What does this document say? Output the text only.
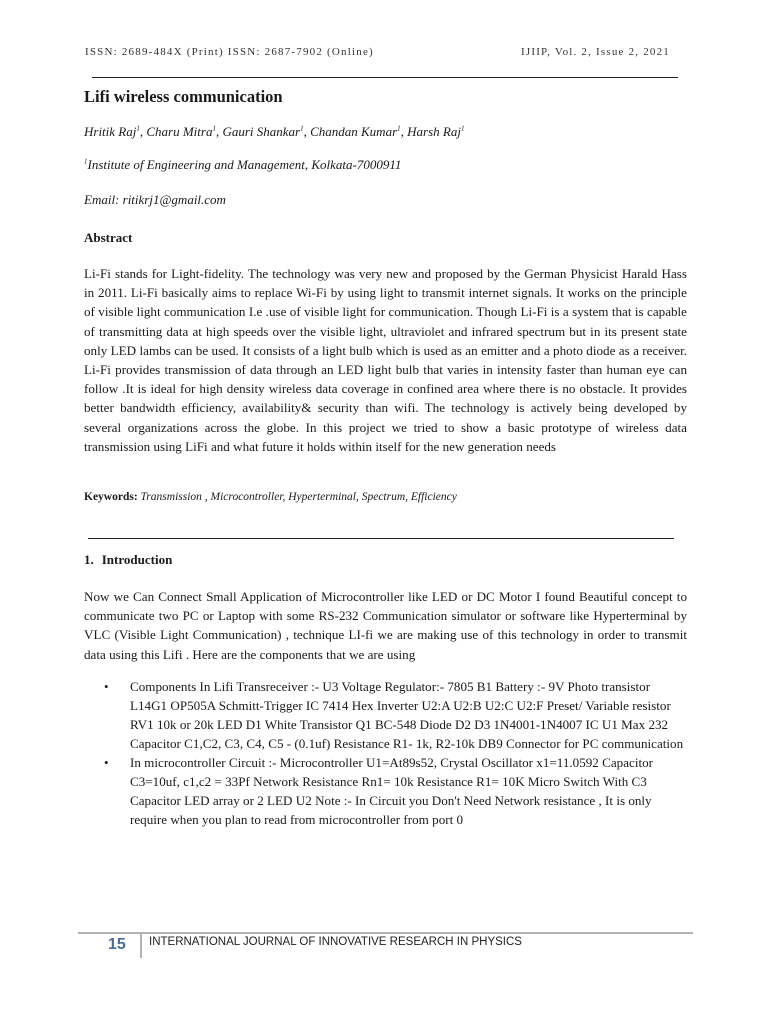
ISSN: 2689-484X (Print) ISSN: 2687-7902 (Online)	IJIIP, Vol. 2, Issue 2, 2021
Lifi wireless communication
Hritik Raj$^1$, Charu Mitra$^1$, Gauri Shankar$^1$, Chandan Kumar$^1$, Harsh Raj$^1$
$^1$Institute of Engineering and Management, Kolkata-7000911
Email: ritikrj1@gmail.com
Abstract
Li-Fi stands for Light-fidelity. The technology was very new and proposed by the German Physicist Harald Hass in 2011. Li-Fi basically aims to replace Wi-Fi by using light to transmit internet signals. It works on the principle of visible light communication I.e .use of visible light for communication. Though Li-Fi is a system that is capable of transmitting data at high speeds over the visible light, ultraviolet and infrared spectrum but in its present state only LED lambs can be used. It consists of a light bulb which is used as an emitter and a photo diode as a receiver. Li-Fi provides transmission of data through an LED light bulb that varies in intensity faster than human eye can follow .It is ideal for high density wireless data coverage in confined area where there is no obstacle. It provides better bandwidth efficiency, availability& security than wifi. The technology is actively being developed by several organizations across the globe. In this project we tried to show a basic prototype of wireless data transmission using LiFi and what future it holds within itself for the new generation needs
Keywords: Transmission , Microcontroller, Hyperterminal, Spectrum, Efficiency
1. Introduction
Now we Can Connect Small Application of Microcontroller like LED or DC Motor I found Beautiful concept to communicate two PC or Laptop with some RS-232 Communication simulator or software like Hyperterminal by VLC (Visible Light Communication) , technique LI-fi we are making use of this technology in order to transmit data using this Lifi . Here are the components that we are using
• Components In Lifi Transreceiver :- U3 Voltage Regulator:- 7805 B1 Battery :- 9V Photo transistor L14G1 OP505A Schmitt-Trigger IC 7414 Hex Inverter U2:A U2:B U2:C U2:F Preset/ Variable resistor RV1 10k or 20k LED D1 White Transistor Q1 BC-548 Diode D2 D3 1N4001-1N4007 IC U1 Max 232 Capacitor C1,C2, C3, C4, C5 - (0.1uf) Resistance R1- 1k, R2-10k DB9 Connector for PC communication
• In microcontroller Circuit :- Microcontroller U1=At89s52, Crystal Oscillator x1=11.0592 Capacitor C3=10uf, c1,c2 = 33Pf Network Resistance Rn1= 10k Resistance R1= 10K Micro Switch With C3 Capacitor LED array or 2 LED U2 Note :- In Circuit you Don't Need Network resistance , It is only require when you plan to read from microcontroller from port 0
15 INTERNATIONAL JOURNAL OF INNOVATIVE RESEARCH IN PHYSICS
